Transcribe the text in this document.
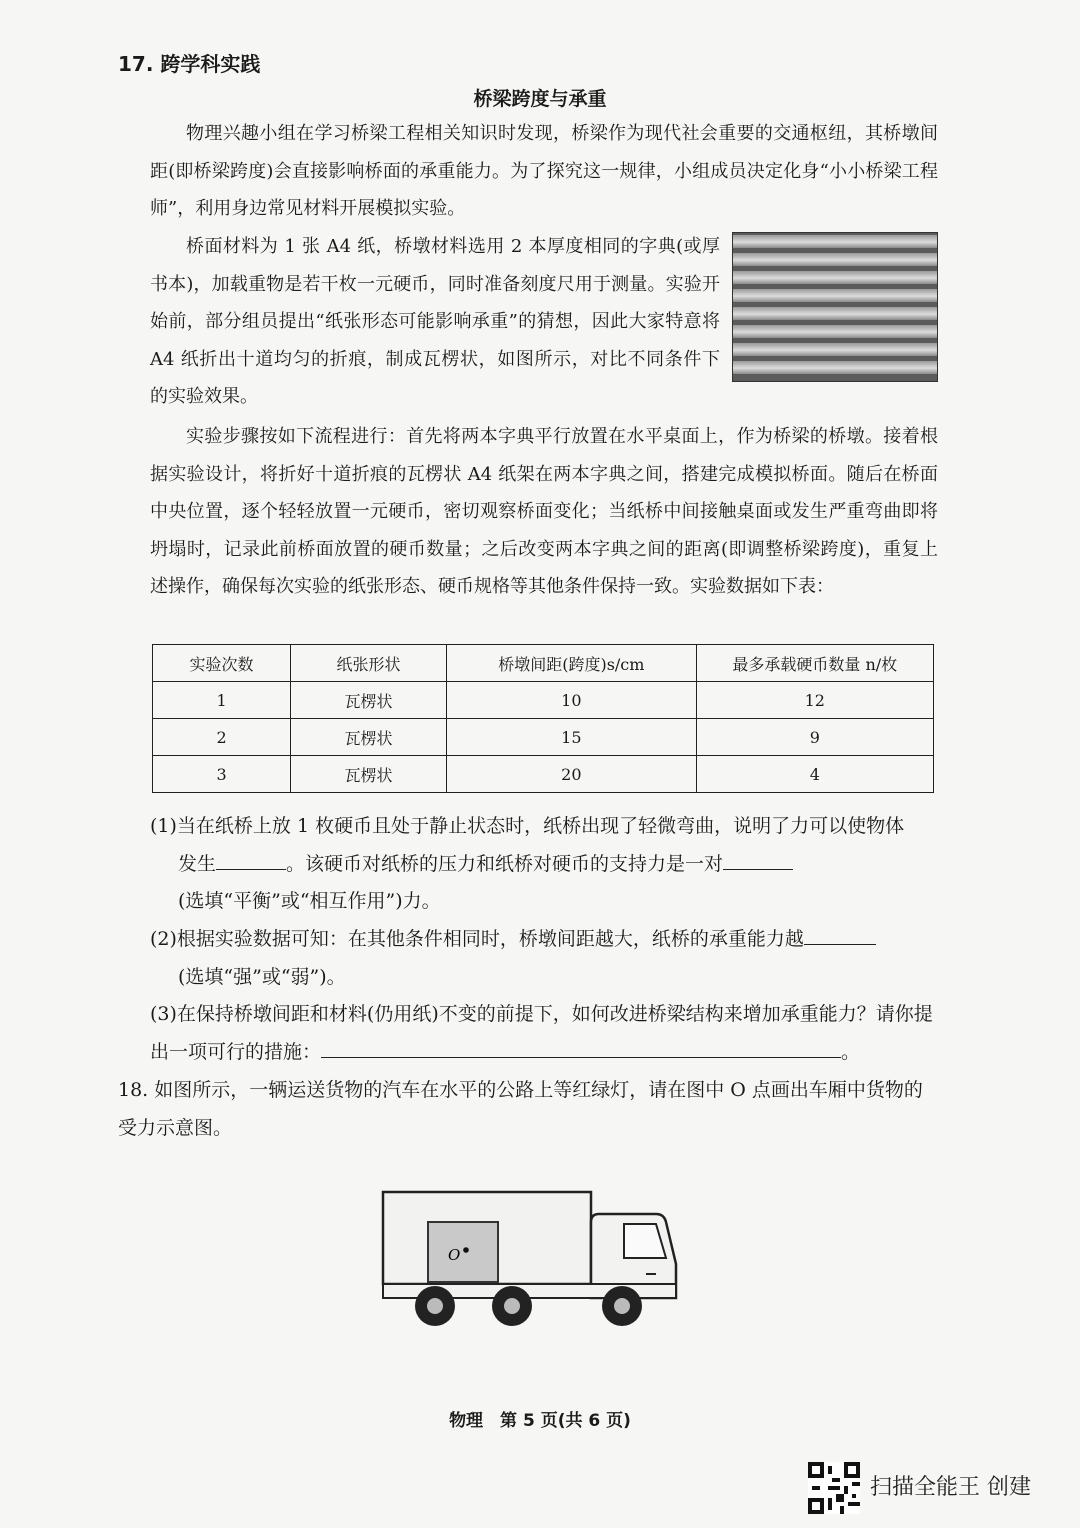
17. 跨学科实践
桥梁跨度与承重

物理兴趣小组在学习桥梁工程相关知识时发现，桥梁作为现代社会重要的交通枢纽，其桥墩间距(即桥梁跨度)会直接影响桥面的承重能力。为了探究这一规律，小组成员决定化身“小小桥梁工程师”，利用身边常见材料开展模拟实验。

桥面材料为 1 张 A4 纸，桥墩材料选用 2 本厚度相同的字典(或厚书本)，加载重物是若干枚一元硬币，同时准备刻度尺用于测量。实验开始前，部分组员提出“纸张形态可能影响承重”的猜想，因此大家特意将 A4 纸折出十道均匀的折痕，制成瓦楞状，如图所示，对比不同条件下的实验效果。

实验步骤按如下流程进行：首先将两本字典平行放置在水平桌面上，作为桥梁的桥墩。接着根据实验设计，将折好十道折痕的瓦楞状 A4 纸架在两本字典之间，搭建完成模拟桥面。随后在桥面中央位置，逐个轻轻放置一元硬币，密切观察桥面变化；当纸桥中间接触桌面或发生严重弯曲即将坍塌时，记录此前桥面放置的硬币数量；之后改变两本字典之间的距离(即调整桥梁跨度)，重复上述操作，确保每次实验的纸张形态、硬币规格等其他条件保持一致。实验数据如下表：

实验次数	纸张形状	桥墩间距(跨度)s/cm	最多承载硬币数量 n/枚
1	瓦楞状	10	12
2	瓦楞状	15	9
3	瓦楞状	20	4
(1)当在纸桥上放 1 枚硬币且处于静止状态时，纸桥出现了轻微弯曲，说明了力可以使物体
发生	。该硬币对纸桥的压力和纸桥对硬币的支持力是一对
(选填“平衡”或“相互作用”)力。
(2)根据实验数据可知：在其他条件相同时，桥墩间距越大，纸桥的承重能力越
(选填“强”或“弱”)。
(3)在保持桥墩间距和材料(仍用纸)不变的前提下，如何改进桥梁结构来增加承重能力？请你提出一项可行的措施：	。

18. 如图所示，一辆运送货物的汽车在水平的公路上等红绿灯，请在图中 O 点画出车厢中货物的受力示意图。

O
物理　第 5 页(共 6 页)
扫描全能王 创建
